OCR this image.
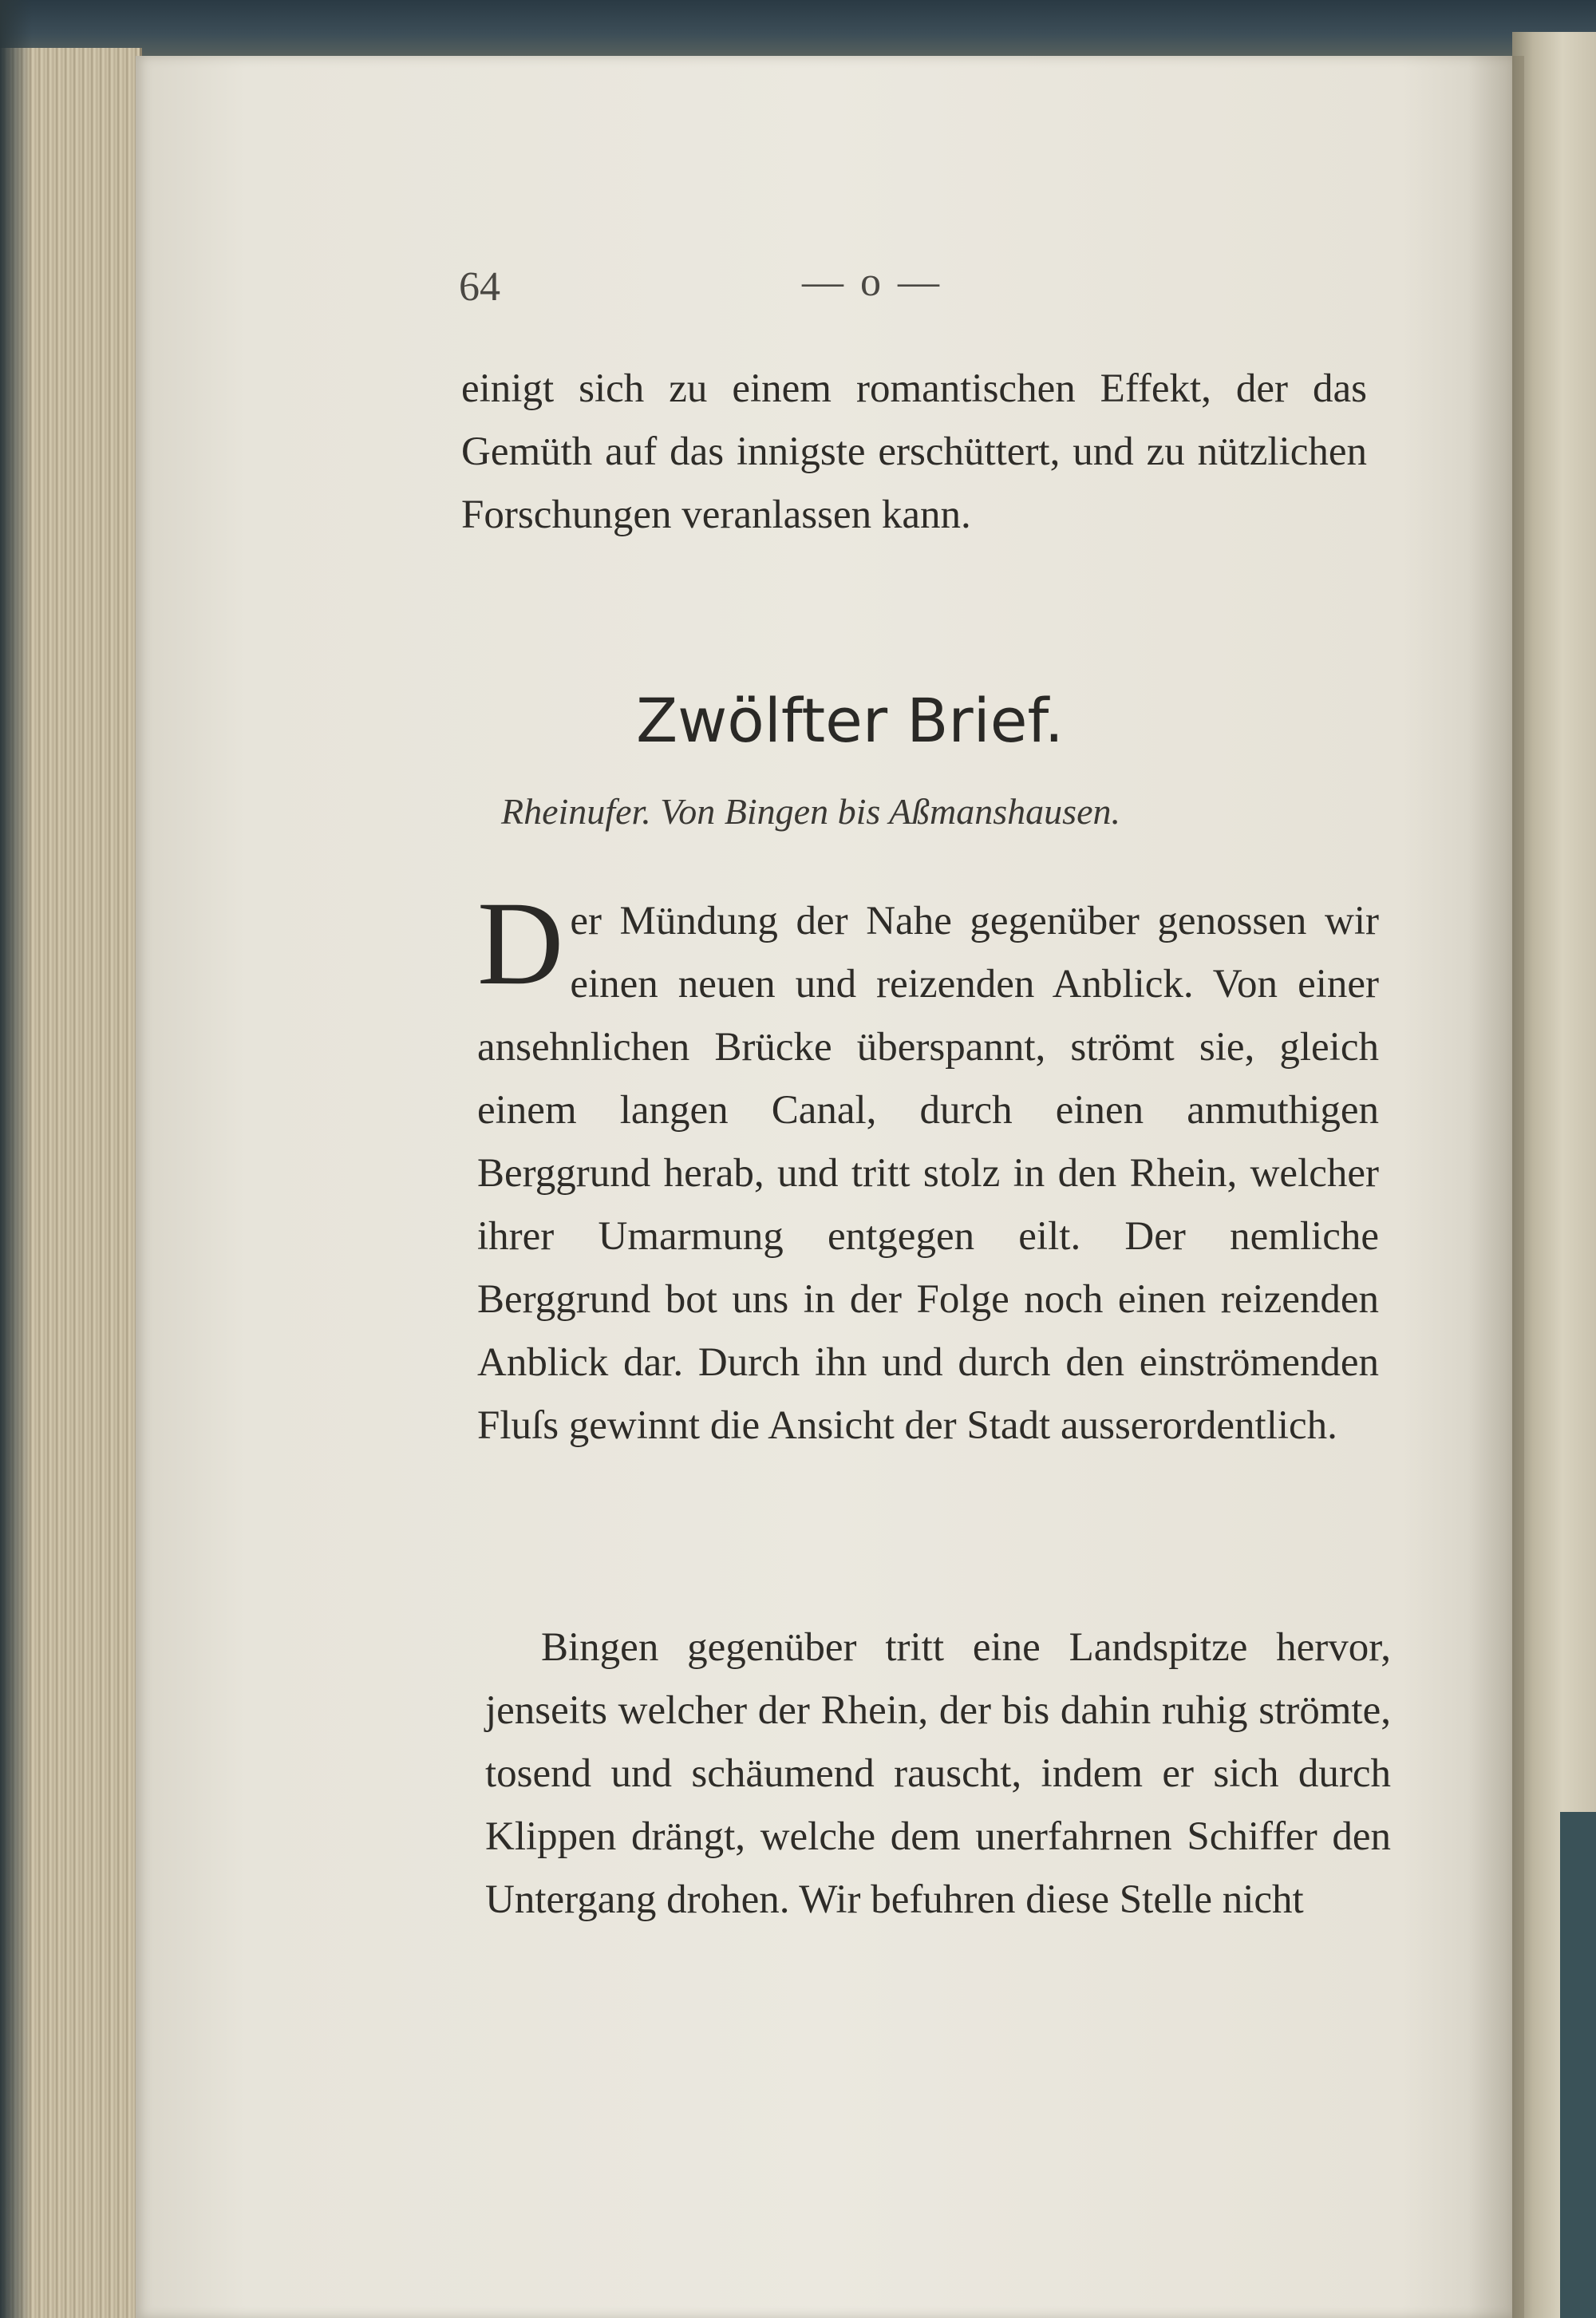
64	— o —
einigt sich zu einem romantischen Effekt, der das Gemüth auf das innigste erschüttert, und zu nützlichen Forschungen veranlassen kann.
Zwölfter Brief.
Rheinufer. Von Bingen bis Aßmanshausen.
D er Mündung der Nahe gegenüber genossen wir einen neuen und reizenden Anblick. Von einer ansehnlichen Brücke überspannt, strömt sie, gleich einem langen Canal, durch einen anmuthigen Berggrund herab, und tritt stolz in den Rhein, welcher ihrer Umarmung entgegen eilt. Der nemliche Berggrund bot uns in der Folge noch einen reizenden Anblick dar. Durch ihn und durch den einströmenden Fluſs gewinnt die Ansicht der Stadt ausserordentlich.
Bingen gegenüber tritt eine Landspitze hervor, jenseits welcher der Rhein, der bis dahin ruhig strömte, tosend und schäumend rauscht, indem er sich durch Klippen drängt, welche dem unerfahrnen Schiffer den Untergang drohen. Wir befuhren diese Stelle nicht
